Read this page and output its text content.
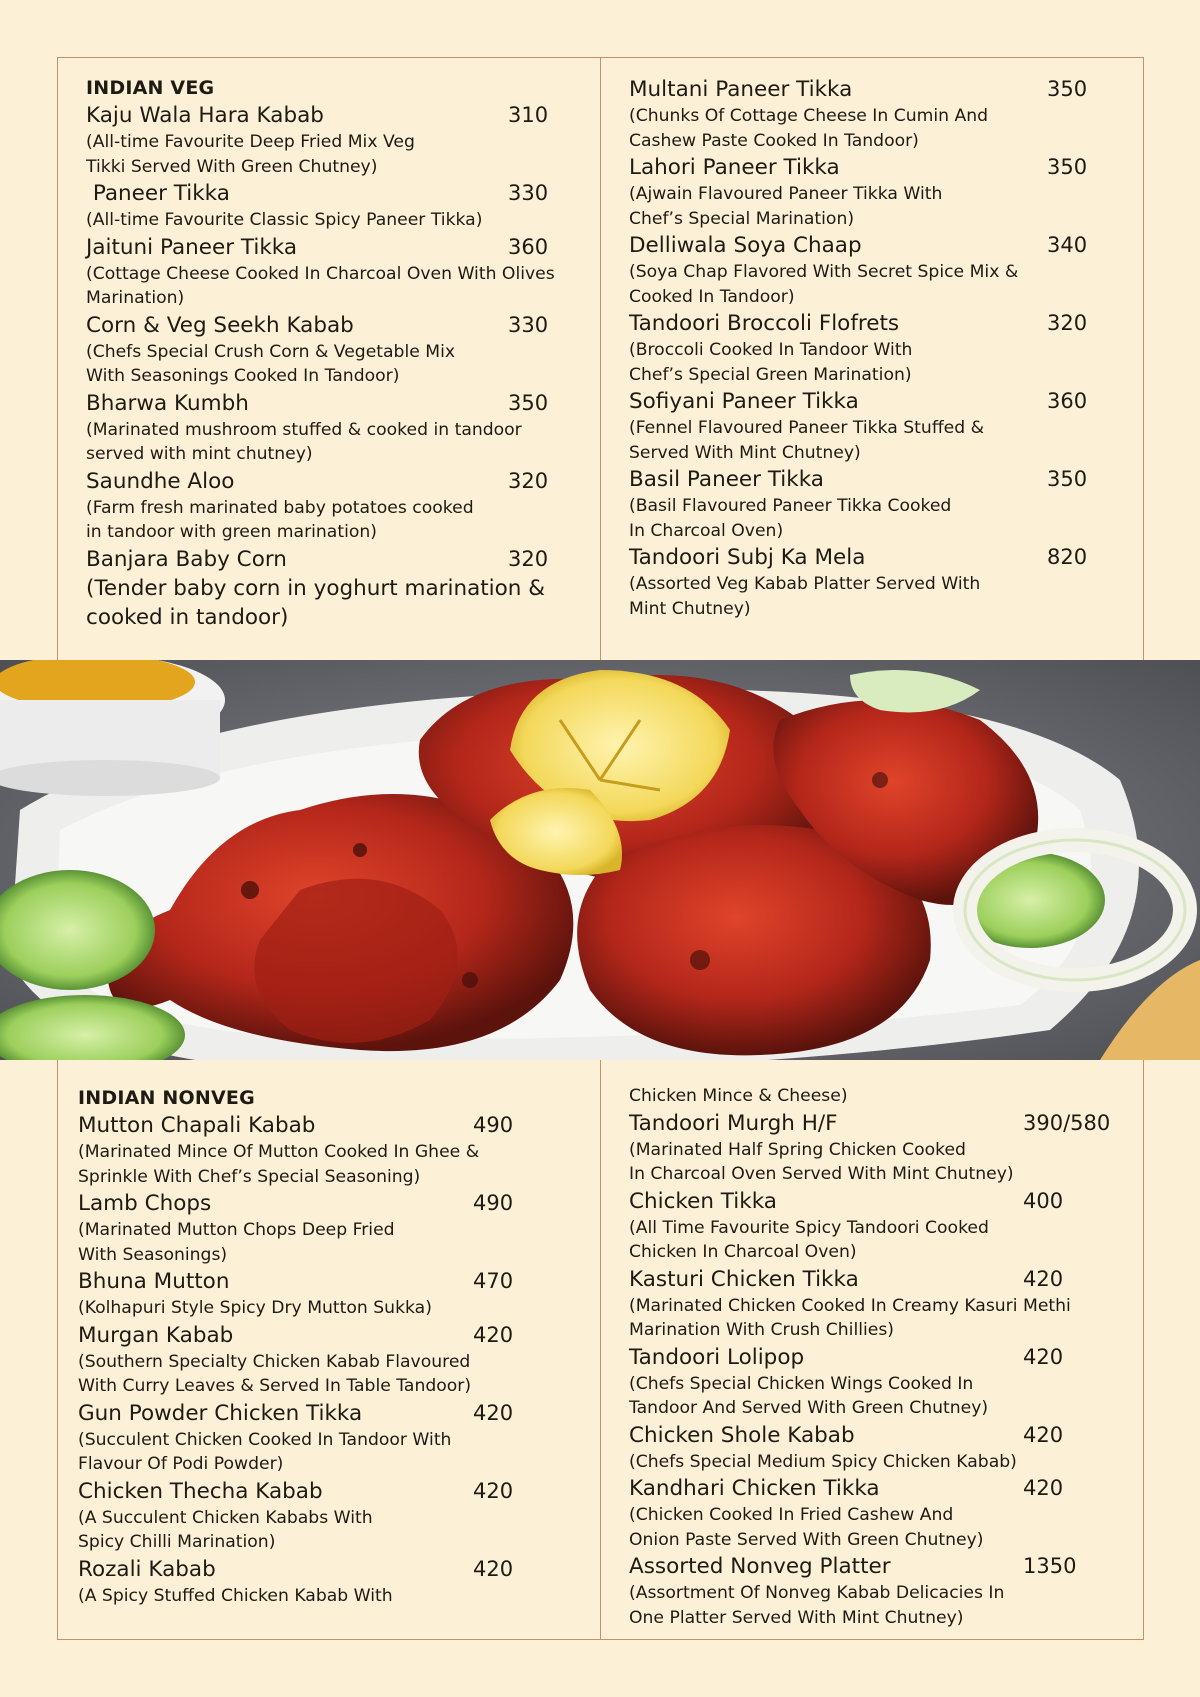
INDIAN VEG
Kaju Wala Hara Kabab	310
(All-time Favourite Deep Fried Mix Veg
Tikki Served With Green Chutney)
Paneer Tikka	330
(All-time Favourite Classic Spicy Paneer Tikka)
Jaituni Paneer Tikka	360
(Cottage Cheese Cooked In Charcoal Oven With Olives
Marination)
Corn & Veg Seekh Kabab	330
(Chefs Special Crush Corn & Vegetable Mix
With Seasonings Cooked In Tandoor)
Bharwa Kumbh	350
(Marinated mushroom stuffed & cooked in tandoor
served with mint chutney)
Saundhe Aloo	320
(Farm fresh marinated baby potatoes cooked
in tandoor with green marination)
Banjara Baby Corn	320
(Tender baby corn in yoghurt marination &
cooked in tandoor)
Multani Paneer Tikka	350
(Chunks Of Cottage Cheese In Cumin And
Cashew Paste Cooked In Tandoor)
Lahori Paneer Tikka	350
(Ajwain Flavoured Paneer Tikka With
Chef’s Special Marination)
Delliwala Soya Chaap	340
(Soya Chap Flavored With Secret Spice Mix &
Cooked In Tandoor)
Tandoori Broccoli Flofrets	320
(Broccoli Cooked In Tandoor With
Chef’s Special Green Marination)
Sofiyani Paneer Tikka	360
(Fennel Flavoured Paneer Tikka Stuffed &
Served With Mint Chutney)
Basil Paneer Tikka	350
(Basil Flavoured Paneer Tikka Cooked
In Charcoal Oven)
Tandoori Subj Ka Mela	820
(Assorted Veg Kabab Platter Served With
Mint Chutney)
INDIAN NONVEG
Mutton Chapali Kabab	490
(Marinated Mince Of Mutton Cooked In Ghee &
Sprinkle With Chef’s Special Seasoning)
Lamb Chops	490
(Marinated Mutton Chops Deep Fried
With Seasonings)
Bhuna Mutton	470
(Kolhapuri Style Spicy Dry Mutton Sukka)
Murgan Kabab	420
(Southern Specialty Chicken Kabab Flavoured
With Curry Leaves & Served In Table Tandoor)
Gun Powder Chicken Tikka	420
(Succulent Chicken Cooked In Tandoor With
Flavour Of Podi Powder)
Chicken Thecha Kabab	420
(A Succulent Chicken Kababs With
Spicy Chilli Marination)
Rozali Kabab	420
(A Spicy Stuffed Chicken Kabab With
Chicken Mince & Cheese)
Tandoori Murgh H/F	390/580
(Marinated Half Spring Chicken Cooked
In Charcoal Oven Served With Mint Chutney)
Chicken Tikka	400
(All Time Favourite Spicy Tandoori Cooked
Chicken In Charcoal Oven)
Kasturi Chicken Tikka	420
(Marinated Chicken Cooked In Creamy Kasuri Methi
Marination With Crush Chillies)
Tandoori Lolipop	420
(Chefs Special Chicken Wings Cooked In
Tandoor And Served With Green Chutney)
Chicken Shole Kabab	420
(Chefs Special Medium Spicy Chicken Kabab)
Kandhari Chicken Tikka	420
(Chicken Cooked In Fried Cashew And
Onion Paste Served With Green Chutney)
Assorted Nonveg Platter	1350
(Assortment Of Nonveg Kabab Delicacies In
One Platter Served With Mint Chutney)
